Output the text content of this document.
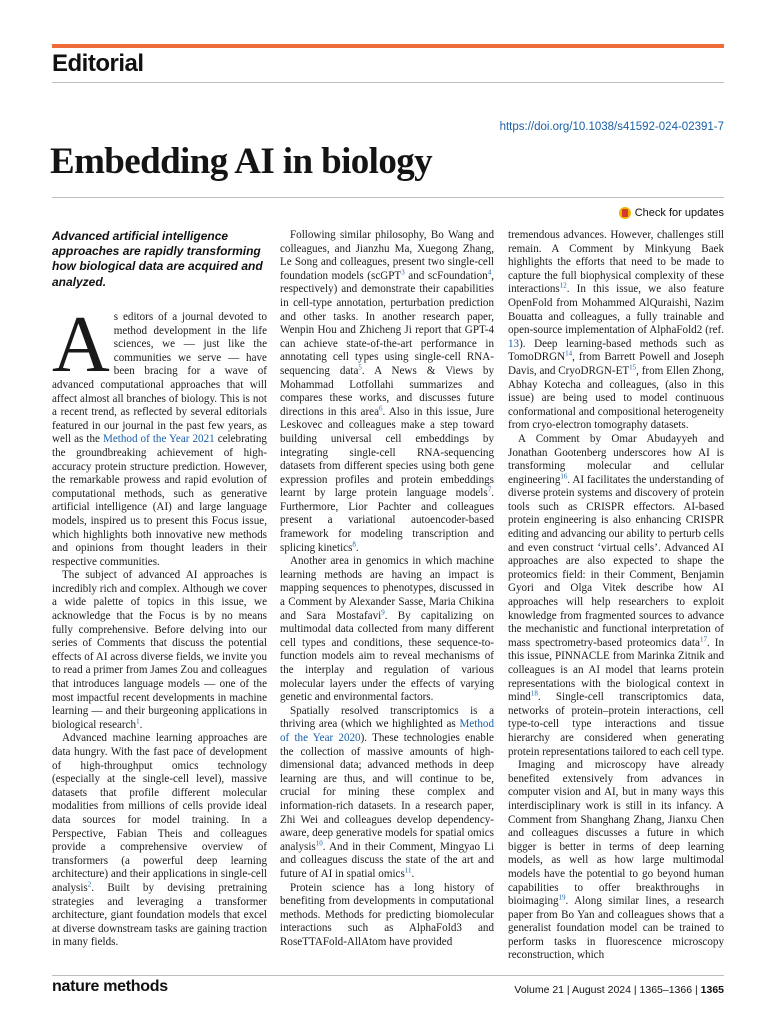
Editorial
https://doi.org/10.1038/s41592-024-02391-7
Embedding AI in biology
Check for updates
Advanced artificial intelligence approaches are rapidly transforming how biological data are acquired and analyzed.

As editors of a journal devoted to method development in the life sciences, we — just like the communities we serve — have been bracing for a wave of advanced computational approaches that will affect almost all branches of biology. This is not a recent trend, as reflected by several editorials featured in our journal in the past few years, as well as the Method of the Year 2021 celebrating the groundbreaking achievement of high-accuracy protein structure prediction. However, the remarkable prowess and rapid evolution of computational methods, such as generative artificial intelligence (AI) and large language models, inspired us to present this Focus issue, which highlights both innovative new methods and opinions from thought leaders in their respective communities.

The subject of advanced AI approaches is incredibly rich and complex. Although we cover a wide palette of topics in this issue, we acknowledge that the Focus is by no means fully comprehensive. Before delving into our series of Comments that discuss the potential effects of AI across diverse fields, we invite you to read a primer from James Zou and colleagues that introduces language models — one of the most impactful recent developments in machine learning — and their burgeoning applications in biological research$^1$.

Advanced machine learning approaches are data hungry. With the fast pace of development of high-throughput omics technology (especially at the single-cell level), massive datasets that profile different molecular modalities from millions of cells provide ideal data sources for model training. In a Perspective, Fabian Theis and colleagues provide a comprehensive overview of transformers (a powerful deep learning architecture) and their applications in single-cell analysis$^2$. Built by devising pretraining strategies and leveraging a transformer architecture, giant foundation models that excel at diverse downstream tasks are gaining traction in many fields.

Following similar philosophy, Bo Wang and colleagues, and Jianzhu Ma, Xuegong Zhang, Le Song and colleagues, present two single-cell foundation models (scGPT$^3$ and scFoundation$^4$, respectively) and demonstrate their capabilities in cell-type annotation, perturbation prediction and other tasks. In another research paper, Wenpin Hou and Zhicheng Ji report that GPT-4 can achieve state-of-the-art performance in annotating cell types using single-cell RNA-sequencing data$^5$. A News & Views by Mohammad Lotfollahi summarizes and compares these works, and discusses future directions in this area$^6$. Also in this issue, Jure Leskovec and colleagues make a step toward building universal cell embeddings by integrating single-cell RNA-sequencing datasets from different species using both gene expression profiles and protein embeddings learnt by large protein language models$^7$. Furthermore, Lior Pachter and colleagues present a variational autoencoder-based framework for modeling transcription and splicing kinetics$^8$.

Another area in genomics in which machine learning methods are having an impact is mapping sequences to phenotypes, discussed in a Comment by Alexander Sasse, Maria Chikina and Sara Mostafavi$^9$. By capitalizing on multimodal data collected from many different cell types and conditions, these sequence-to-function models aim to reveal mechanisms of the interplay and regulation of various molecular layers under the effects of varying genetic and environmental factors.

Spatially resolved transcriptomics is a thriving area (which we highlighted as Method of the Year 2020). These technologies enable the collection of massive amounts of high-dimensional data; advanced methods in deep learning are thus, and will continue to be, crucial for mining these complex and information-rich datasets. In a research paper, Zhi Wei and colleagues develop dependency-aware, deep generative models for spatial omics analysis$^{10}$. And in their Comment, Mingyao Li and colleagues discuss the state of the art and future of AI in spatial omics$^{11}$.

Protein science has a long history of benefiting from developments in computational methods. Methods for predicting biomolecular interactions such as AlphaFold3 and RoseTTAFold-AllAtom have provided

tremendous advances. However, challenges still remain. A Comment by Minkyung Baek highlights the efforts that need to be made to capture the full biophysical complexity of these interactions$^{12}$. In this issue, we also feature OpenFold from Mohammed AlQuraishi, Nazim Bouatta and colleagues, a fully trainable and open-source implementation of AlphaFold2 (ref. 13). Deep learning-based methods such as TomoDRGN$^{14}$, from Barrett Powell and Joseph Davis, and CryoDRGN-ET$^{15}$, from Ellen Zhong, Abhay Kotecha and colleagues, (also in this issue) are being used to model continuous conformational and compositional heterogeneity from cryo-electron tomography datasets.

A Comment by Omar Abudayyeh and Jonathan Gootenberg underscores how AI is transforming molecular and cellular engineering$^{16}$. AI facilitates the understanding of diverse protein systems and discovery of protein tools such as CRISPR effectors. AI-based protein engineering is also enhancing CRISPR editing and advancing our ability to perturb cells and even construct ‘virtual cells’. Advanced AI approaches are also expected to shape the proteomics field: in their Comment, Benjamin Gyori and Olga Vitek describe how AI approaches will help researchers to exploit knowledge from fragmented sources to advance the mechanistic and functional interpretation of mass spectrometry-based proteomics data$^{17}$. In this issue, PINNACLE from Marinka Zitnik and colleagues is an AI model that learns protein representations with the biological context in mind$^{18}$. Single-cell transcriptomics data, networks of protein–protein interactions, cell type-to-cell type interactions and tissue hierarchy are considered when generating protein representations tailored to each cell type.

Imaging and microscopy have already benefited extensively from advances in computer vision and AI, but in many ways this interdisciplinary work is still in its infancy. A Comment from Shanghang Zhang, Jianxu Chen and colleagues discusses a future in which bigger is better in terms of deep learning models, as well as how large multimodal models have the potential to go beyond human capabilities to offer breakthroughs in bioimaging$^{19}$. Along similar lines, a research paper from Bo Yan and colleagues shows that a generalist foundation model can be trained to perform tasks in fluorescence microscopy reconstruction, which

nature methods	Volume 21 | August 2024 | 1365–1366 | 1365
